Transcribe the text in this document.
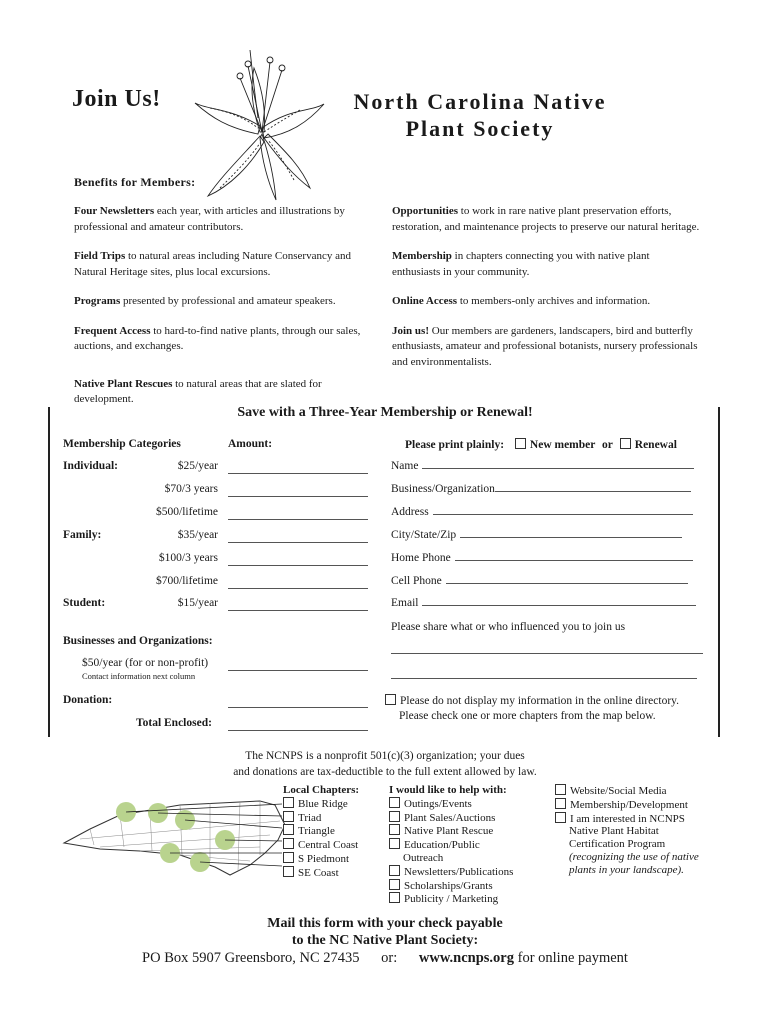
Join Us!	North Carolina Native
Plant Society
Benefits for Members:

Four Newsletters each year, with articles and illustrations by professional and amateur contributors.

Field Trips to natural areas including Nature Conservancy and Natural Heritage sites, plus local excursions.

Programs presented by professional and amateur speakers.

Frequent Access to hard-to-find native plants, through our sales, auctions, and exchanges.

Native Plant Rescues to natural areas that are slated for development.

Opportunities to work in rare native plant preservation efforts, restoration, and maintenance projects to preserve our natural heritage.

Membership in chapters connecting you with native plant enthusiasts in your community.

Online Access to members-only archives and information.

Join us! Our members are gardeners, landscapers, bird and butterfly enthusiasts, amateur and professional botanists, nursery professionals and environmentalists.

Save with a Three-Year Membership or Renewal!
Membership Categories	Amount:	Please print plainly: New member or Renewal
Individual:	$25/year
$70/3 years
$500/lifetime
Family:	$35/year
$100/3 years
$700/lifetime
Student:	$15/year
Businesses and Organizations:
$50/year (for or non-profit)
Contact information next column
Donation:
Total Enclosed:
Name
Business/Organization
Address
City/State/Zip
Home Phone
Cell Phone
Email
Please share what or who influenced you to join us
Please do not display my information in the online directory.
Please check one or more chapters from the map below.
The NCNPS is a nonprofit 501(c)(3) organization; your dues
and donations are tax-deductible to the full extent allowed by law.
Local Chapters:
Blue Ridge
Triad
Triangle
Central Coast
S Piedmont
SE Coast
I would like to help with:
Outings/Events
Plant Sales/Auctions
Native Plant Rescue
Education/Public Outreach
Newsletters/Publications
Scholarships/Grants
Publicity / Marketing
Website/Social Media
Membership/Development
I am interested in NCNPS Native Plant Habitat Certification Program
(recognizing the use of native plants in your landscape).
Mail this form with your check payable
to the NC Native Plant Society:
PO Box 5907 Greensboro, NC 27435 or: www.ncnps.org for online payment
